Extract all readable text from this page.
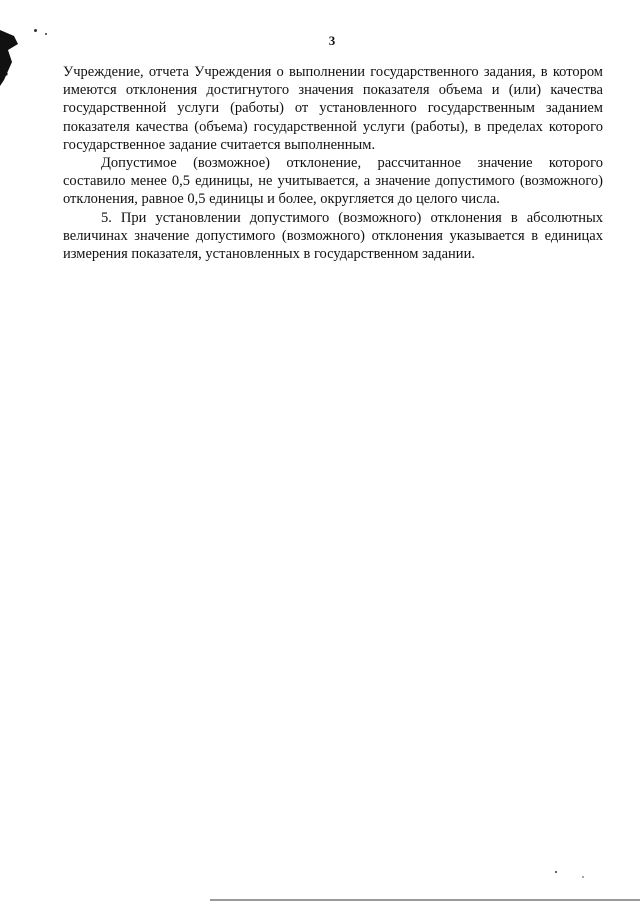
3

Учреждение, отчета Учреждения о выполнении государственного задания, в котором имеются отклонения достигнутого значения показателя объема и (или) качества государственной услуги (работы) от установленного государственным заданием показателя качества (объема) государственной услуги (работы), в пределах которого государственное задание считается выполненным.

Допустимое (возможное) отклонение, рассчитанное значение которого составило менее 0,5 единицы, не учитывается, а значение допустимого (возможного) отклонения, равное 0,5 единицы и более, округляется до целого числа.

5. При установлении допустимого (возможного) отклонения в абсолютных величинах значение допустимого (возможного) отклонения указывается в единицах измерения показателя, установленных в государственном задании.
